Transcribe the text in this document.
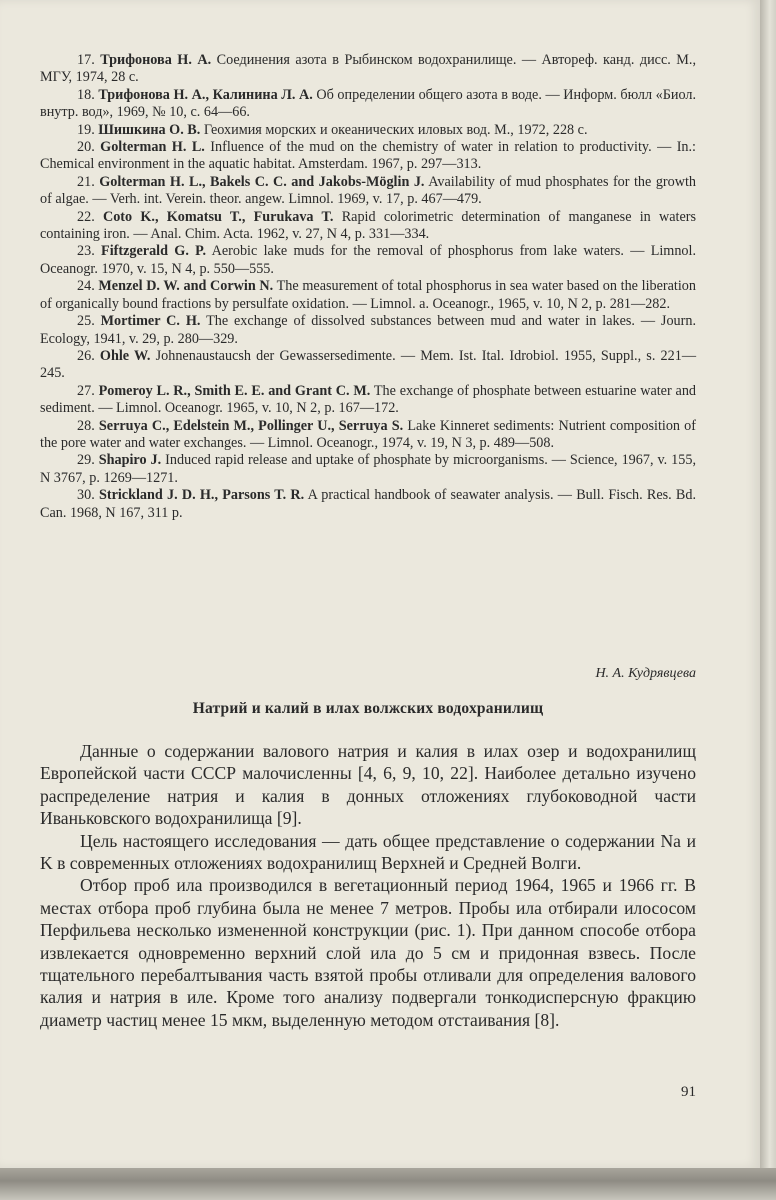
17. Трифонова Н. А. Соединения азота в Рыбинском водохранилище. — Автореф. канд. дисс. М., МГУ, 1974, 28 с.

18. Трифонова Н. А., Калинина Л. А. Об определении общего азота в воде. — Информ. бюлл «Биол. внутр. вод», 1969, № 10, с. 64—66.

19. Шишкина О. В. Геохимия морских и океанических иловых вод. М., 1972, 228 с.

20. Golterman H. L. Influence of the mud on the chemistry of water in relation to productivity. — In.: Chemical environment in the aquatic habitat. Amsterdam. 1967, p. 297—313.

21. Golterman H. L., Bakels C. C. and Jakobs-Möglin J. Availability of mud phosphates for the growth of algae. — Verh. int. Verein. theor. angew. Limnol. 1969, v. 17, p. 467—479.

22. Coto K., Komatsu T., Furukava T. Rapid colorimetric determination of manganese in waters containing iron. — Anal. Chim. Acta. 1962, v. 27, N 4, p. 331—334.

23. Fiftzgerald G. P. Aerobic lake muds for the removal of phosphorus from lake waters. — Limnol. Oceanogr. 1970, v. 15, N 4, p. 550—555.

24. Menzel D. W. and Corwin N. The measurement of total phosphorus in sea water based on the liberation of organically bound fractions by persulfate oxidation. — Limnol. a. Oceanogr., 1965, v. 10, N 2, p. 281—282.

25. Mortimer C. H. The exchange of dissolved substances between mud and water in lakes. — Journ. Ecology, 1941, v. 29, p. 280—329.

26. Ohle W. Johnenaustaucsh der Gewassersedimente. — Mem. Ist. Ital. Idrobiol. 1955, Suppl., s. 221—245.

27. Pomeroy L. R., Smith E. E. and Grant C. M. The exchange of phosphate between estuarine water and sediment. — Limnol. Oceanogr. 1965, v. 10, N 2, p. 167—172.

28. Serruya C., Edelstein M., Pollinger U., Serruya S. Lake Kinneret sediments: Nutrient composition of the pore water and water exchanges. — Limnol. Oceanogr., 1974, v. 19, N 3, p. 489—508.

29. Shapiro J. Induced rapid release and uptake of phosphate by microorganisms. — Science, 1967, v. 155, N 3767, p. 1269—1271.

30. Strickland J. D. H., Parsons T. R. A practical handbook of seawater analysis. — Bull. Fisch. Res. Bd. Can. 1968, N 167, 311 p.

Н. А. Кудрявцева
Натрий и калий в илах волжских водохранилищ

Данные о содержании валового натрия и калия в илах озер и водохранилищ Европейской части СССР малочисленны [4, 6, 9, 10, 22]. Наиболее детально изучено распределение натрия и калия в донных отложениях глубоководной части Иваньковского водохранилища [9].

Цель настоящего исследования — дать общее представление о содержании Na и K в современных отложениях водохранилищ Верхней и Средней Волги.

Отбор проб ила производился в вегетационный период 1964, 1965 и 1966 гг. В местах отбора проб глубина была не менее 7 метров. Пробы ила отбирали илососом Перфильева несколько измененной конструкции (рис. 1). При данном способе отбора извлекается одновременно верхний слой ила до 5 см и придонная взвесь. После тщательного перебалтывания часть взятой пробы отливали для определения валового калия и натрия в иле. Кроме того анализу подвергали тонкодисперсную фракцию диаметр частиц менее 15 мкм, выделенную методом отстаивания [8].

91
